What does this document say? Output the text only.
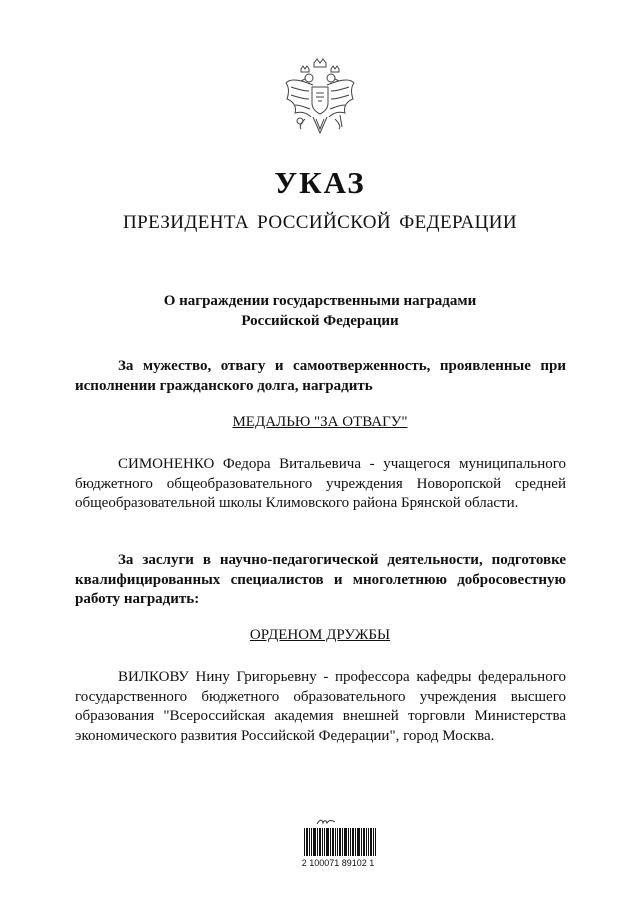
УКАЗ
ПРЕЗИДЕНТА РОССИЙСКОЙ ФЕДЕРАЦИИ
О награждении государственными наградами
Российской Федерации
За мужество, отвагу и самоотверженность, проявленные при исполнении гражданского долга, наградить
МЕДАЛЬЮ "ЗА ОТВАГУ"
СИМОНЕНКО Федора Витальевича - учащегося муниципального бюджетного общеобразовательного учреждения Новоропской средней общеобразовательной школы Климовского района Брянской области.
За заслуги в научно-педагогической деятельности, подготовке квалифицированных специалистов и многолетнюю добросовестную работу наградить:
ОРДЕНОМ ДРУЖБЫ
ВИЛКОВУ Нину Григорьевну - профессора кафедры федерального государственного бюджетного образовательного учреждения высшего образования "Всероссийская академия внешней торговли Министерства экономического развития Российской Федерации", город Москва.
2 100071 89102 1
